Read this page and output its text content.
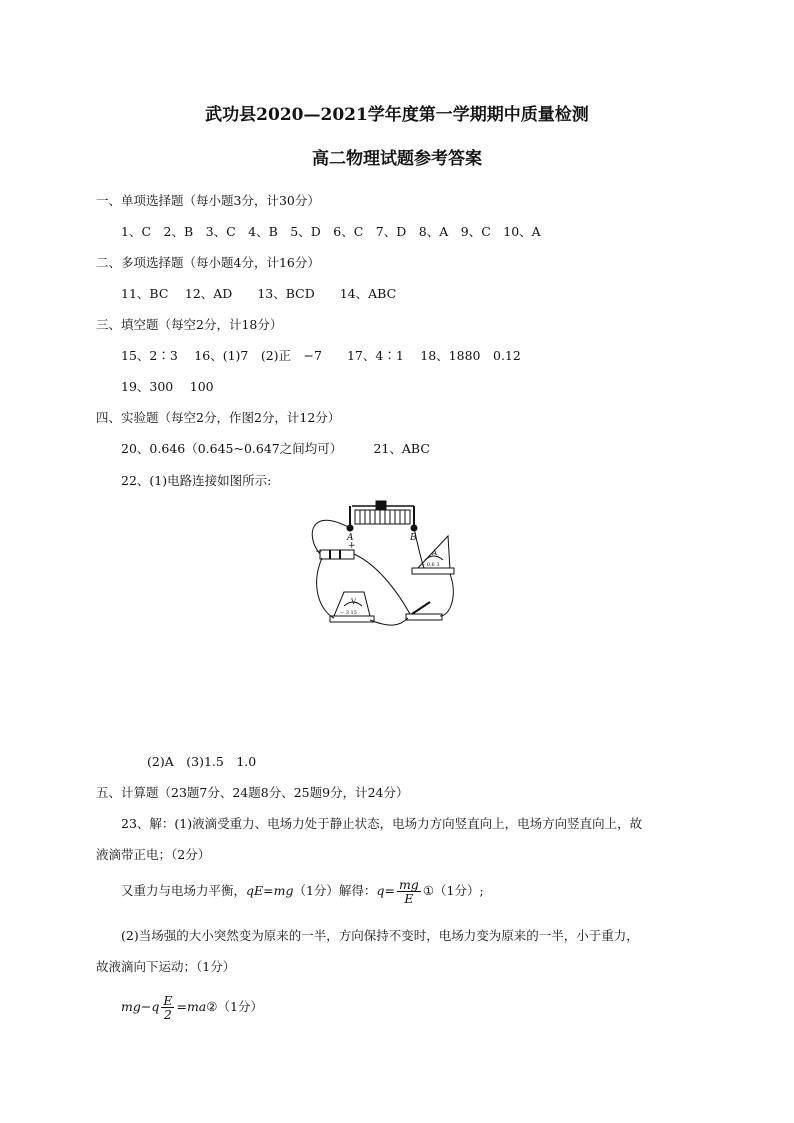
武功县2020—2021学年度第一学期期中质量检测
高二物理试题参考答案
一、单项选择题（每小题3分，计30分）
1、C　2、B　3、C　4、B　5、D　6、C　7、D　8、A　9、C　10、A
二、多项选择题（每小题4分，计16分）
11、BC　 12、AD　　13、BCD　　14、ABC
三、填空题（每空2分，计18分）
15、2∶3　 16、(1)7　(2)正　−7　　17、4∶1　 18、1880　0.12
19、300　 100
四、实验题（每空2分，作图2分，计12分）
20、0.646（0.645~0.647之间均可）　　　21、ABC
22、(1)电路连接如图所示:
A	B
−
+
A
− 0.6 3
V
− 3 15
(2)A　(3)1.5　1.0
五、计算题（23题7分、24题8分、25题9分，计24分）
23、解：(1)液滴受重力、电场力处于静止状态，电场力方向竖直向上，电场方向竖直向上，故
液滴带正电；（2分）
又重力与电场力平衡，qE=mg（1分）解得：$q= \frac{mg}{E}$ ①（1分）;
(2)当场强的大小突然变为原来的一半，方向保持不变时，电场力变为原来的一半，小于重力，
故液滴向下运动；（1分）
$mg-q \frac{E}{2}$ =ma②（1分）
